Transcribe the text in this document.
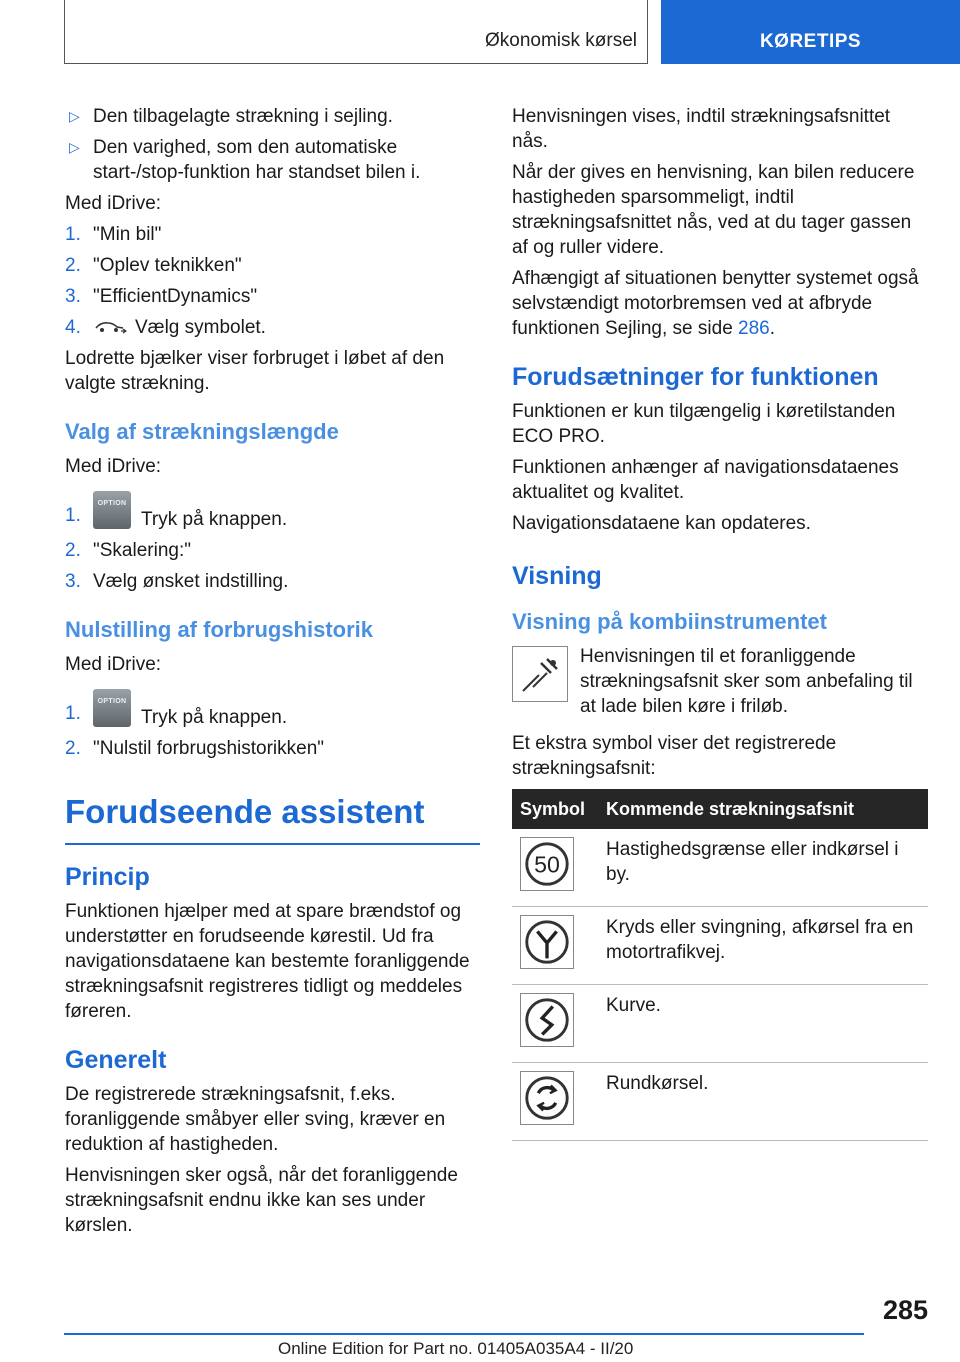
Økonomisk kørsel	KØRETIPS
▷ Den tilbagelagte strækning i sejling.
▷ Den varighed, som den automatiske start-/stop-funktion har standset bilen i.

Med iDrive:

1. "Min bil"
2. "Oplev teknikken"
3. "EfficientDynamics"
4.	Vælg symbolet.

Lodrette bjælker viser forbruget i løbet af den valgte strækning.

Valg af strækningslængde

Med iDrive:

1.
OPTION
Tryk på knappen.
2. "Skalering:"
3. Vælg ønsket indstilling.
Nulstilling af forbrugshistorik

Med iDrive:

1.
OPTION
Tryk på knappen.
2. "Nulstil forbrugshistorikken"
Forudseende assistent
Princip

Funktionen hjælper med at spare brændstof og understøtter en forudseende kørestil. Ud fra navigationsdataene kan bestemte foranliggende strækningsafsnit registreres tidligt og meddeles føreren.

Generelt

De registrerede strækningsafsnit, f.eks. foranliggende småbyer eller sving, kræver en reduktion af hastigheden.

Henvisningen sker også, når det foranliggende strækningsafsnit endnu ikke kan ses under kørslen.

Henvisningen vises, indtil strækningsafsnittet nås.

Når der gives en henvisning, kan bilen reducere hastigheden sparsommeligt, indtil strækningsafsnittet nås, ved at du tager gassen af og ruller videre.

Afhængigt af situationen benytter systemet også selvstændigt motorbremsen ved at afbryde funktionen Sejling, se side 286.

Forudsætninger for funktionen

Funktionen er kun tilgængelig i køretilstanden ECO PRO.

Funktionen anhænger af navigationsdataenes aktualitet og kvalitet.

Navigationsdataene kan opdateres.

Visning
Visning på kombiinstrumentet
Henvisningen til et foranliggende strækningsafsnit sker som anbefaling til at lade bilen køre i friløb.

Et ekstra symbol viser det registrerede strækningsafsnit:

Symbol	Kommende strækningsafsnit

50	Hastighedsgrænse eller indkørsel i by.
	Kryds eller svingning, afkørsel fra en motortrafikvej.
	Kurve.
	Rundkørsel.
285
Online Edition for Part no. 01405A035A4 - II/20
